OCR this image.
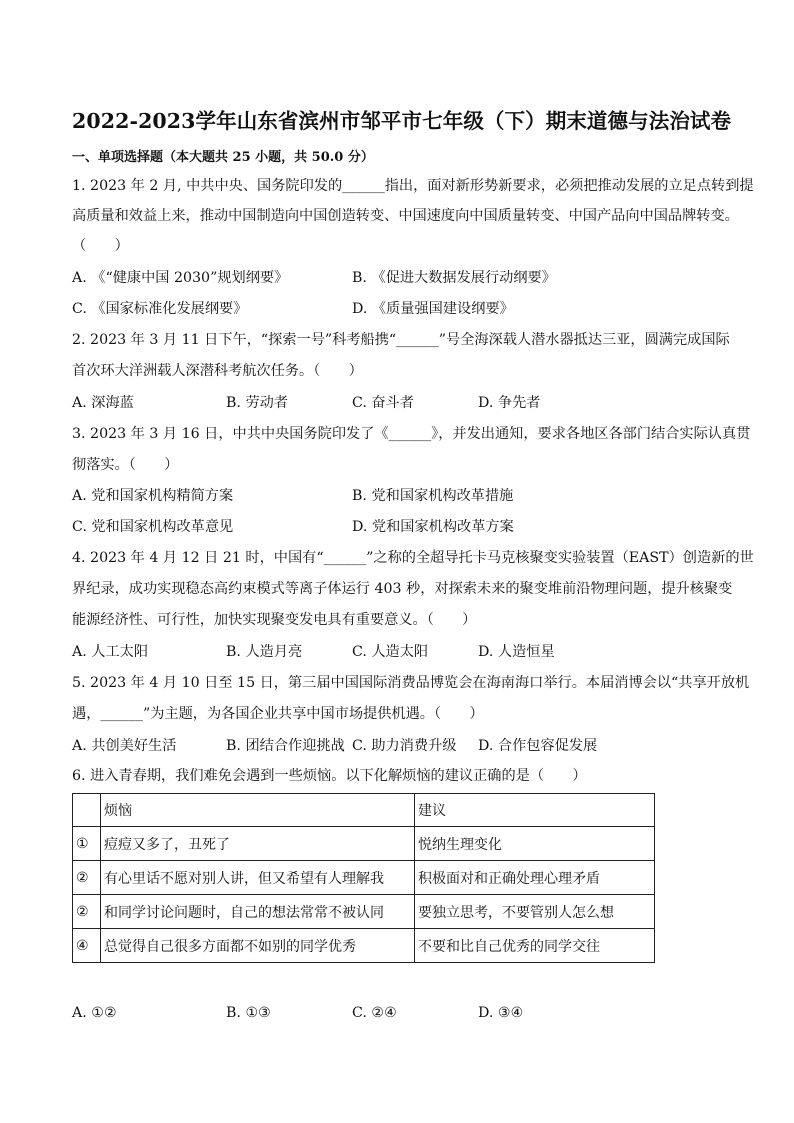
2022-2023学年山东省滨州市邹平市七年级（下）期末道德与法治试卷
一、单项选择题（本大题共 25 小题，共 50.0 分）
1. 2023 年 2 月, 中共中央、国务院印发的______指出，面对新形势新要求，必须把推动发展的立足点转到提
高质量和效益上来，推动中国制造向中国创造转变、中国速度向中国质量转变、中国产品向中国品牌转变。
（　　）
A. 《“健康中国 2030”规划纲要》	B. 《促进大数据发展行动纲要》
C. 《国家标准化发展纲要》	D. 《质量强国建设纲要》
2. 2023 年 3 月 11 日下午，“探索一号”科考船携“______”号全海深载人潜水器抵达三亚，圆满完成国际
首次环大洋洲载人深潜科考航次任务。（　　）
A. 深海蓝	B. 劳动者	C. 奋斗者	D. 争先者
3. 2023 年 3 月 16 日，中共中央国务院印发了《______》，并发出通知，要求各地区各部门结合实际认真贯
彻落实。（　　）
A. 党和国家机构精简方案	B. 党和国家机构改革措施
C. 党和国家机构改革意见	D. 党和国家机构改革方案
4. 2023 年 4 月 12 日 21 时，中国有“______”之称的全超导托卡马克核聚变实验装置（EAST）创造新的世
界纪录，成功实现稳态高约束模式等离子体运行 403 秒，对探索未来的聚变堆前沿物理问题，提升核聚变
能源经济性、可行性，加快实现聚变发电具有重要意义。（　　）
A. 人工太阳	B. 人造月亮	C. 人造太阳	D. 人造恒星
5. 2023 年 4 月 10 日至 15 日，第三届中国国际消费品博览会在海南海口举行。本届消博会以“共享开放机
遇，______”为主题，为各国企业共享中国市场提供机遇。（　　）
A. 共创美好生活	B. 团结合作迎挑战 C. 助力消费升级 D. 合作包容促发展
6. 进入青春期，我们难免会遇到一些烦恼。以下化解烦恼的建议正确的是（　　）
	烦恼	建议
①	痘痘又多了，丑死了	悦纳生理变化
②	有心里话不愿对别人讲，但又希望有人理解我	积极面对和正确处理心理矛盾
②	和同学讨论问题时，自己的想法常常不被认同	要独立思考，不要管别人怎么想
④	总觉得自己很多方面都不如别的同学优秀	不要和比自己优秀的同学交往
A. ①②	B. ①③	C. ②④	D. ③④
